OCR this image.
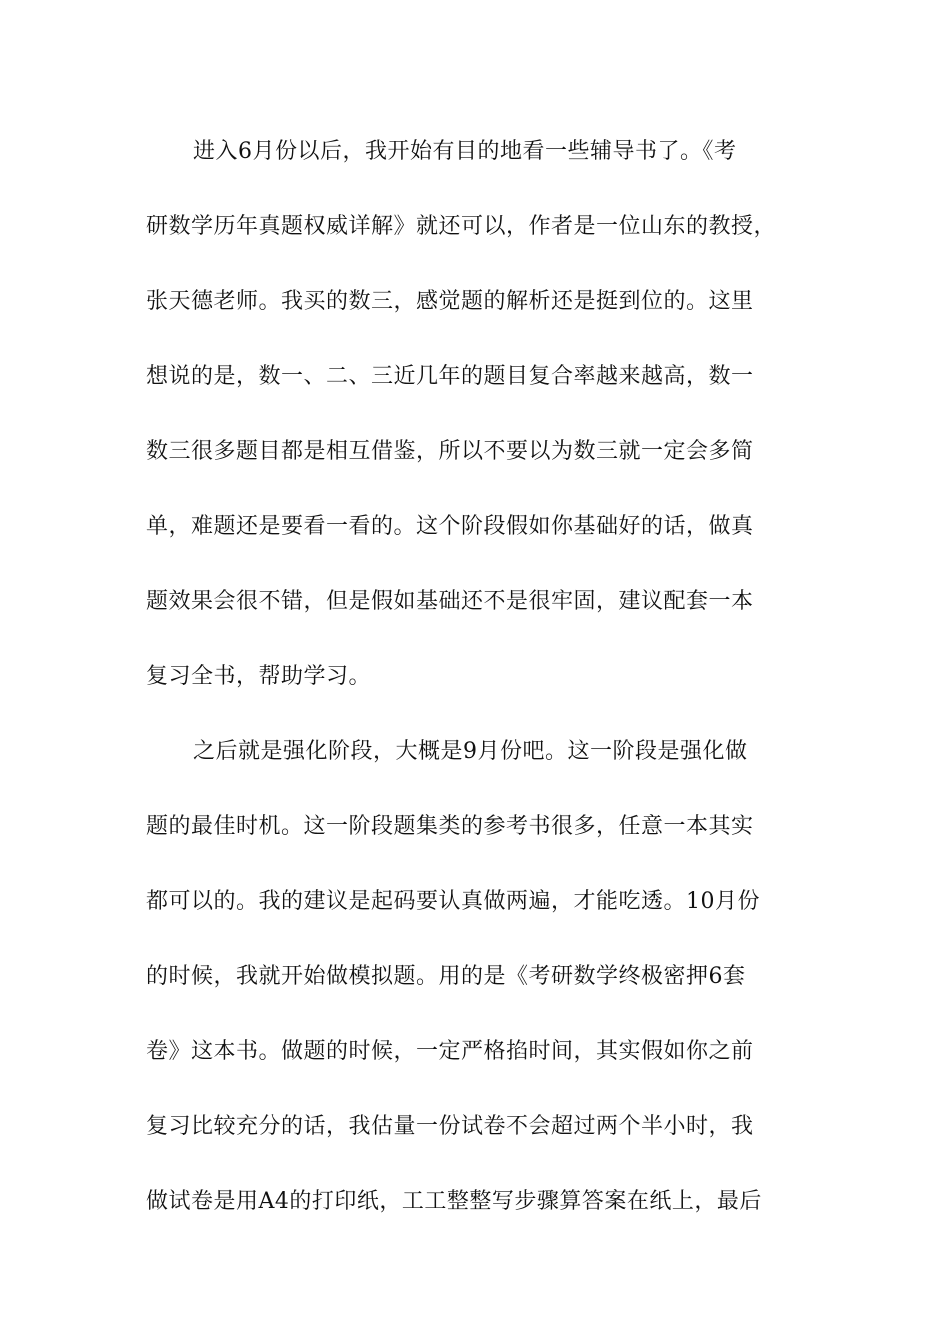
进入6月份以后，我开始有目的地看一些辅导书了。《考
研数学历年真题权威详解》就还可以，作者是一位山东的教授，
张天德老师。我买的数三，感觉题的解析还是挺到位的。这里
想说的是，数一、二、三近几年的题目复合率越来越高，数一
数三很多题目都是相互借鉴，所以不要以为数三就一定会多简
单，难题还是要看一看的。这个阶段假如你基础好的话，做真
题效果会很不错，但是假如基础还不是很牢固，建议配套一本
复习全书，帮助学习。
之后就是强化阶段，大概是9月份吧。这一阶段是强化做
题的最佳时机。这一阶段题集类的参考书很多，任意一本其实
都可以的。我的建议是起码要认真做两遍，才能吃透。10月份
的时候，我就开始做模拟题。用的是《考研数学终极密押6套
卷》这本书。做题的时候，一定严格掐时间，其实假如你之前
复习比较充分的话，我估量一份试卷不会超过两个半小时，我
做试卷是用A4的打印纸，工工整整写步骤算答案在纸上，最后
